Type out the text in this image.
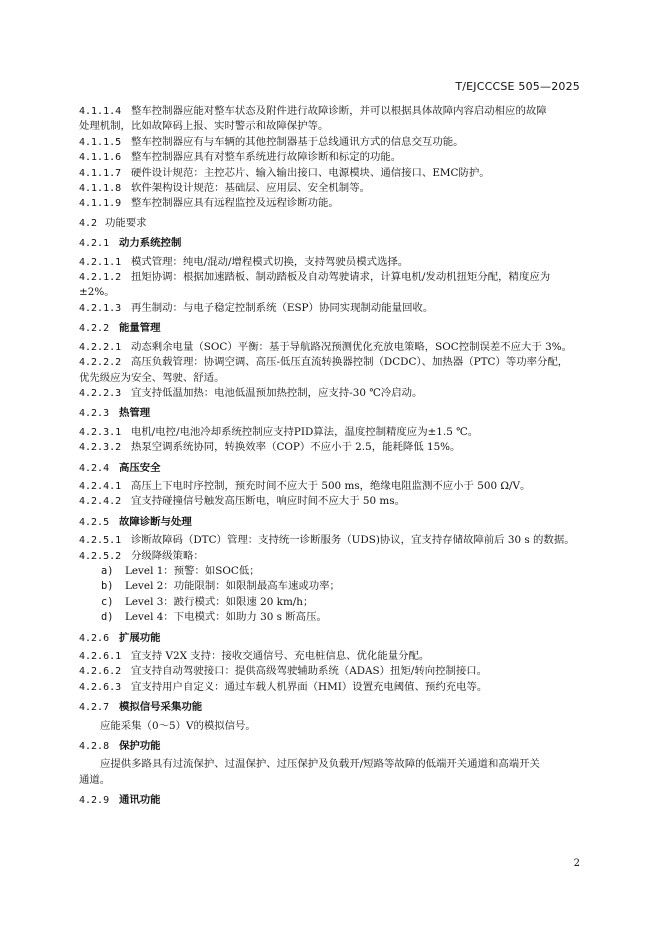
T/EJCCCSE 505—2025
4.1.1.4 整车控制器应能对整车状态及附件进行故障诊断，并可以根据具体故障内容启动相应的故障
处理机制，比如故障码上报、实时警示和故障保护等。
4.1.1.5 整车控制器应有与车辆的其他控制器基于总线通讯方式的信息交互功能。
4.1.1.6 整车控制器应具有对整车系统进行故障诊断和标定的功能。
4.1.1.7 硬件设计规范：主控芯片、输入输出接口、电源模块、通信接口、EMC防护。
4.1.1.8 软件架构设计规范：基础层、应用层、安全机制等。
4.1.1.9 整车控制器应具有远程监控及远程诊断功能。
4.2 功能要求
4.2.1 动力系统控制
4.2.1.1 模式管理：纯电/混动/增程模式切换，支持驾驶员模式选择。
4.2.1.2 扭矩协调：根据加速踏板、制动踏板及自动驾驶请求，计算电机/发动机扭矩分配，精度应为
±2%。
4.2.1.3 再生制动：与电子稳定控制系统（ESP）协同实现制动能量回收。
4.2.2 能量管理
4.2.2.1 动态剩余电量（SOC）平衡：基于导航路况预测优化充放电策略，SOC控制误差不应大于 3%。
4.2.2.2 高压负载管理：协调空调、高压-低压直流转换器控制（DCDC）、加热器（PTC）等功率分配，
优先级应为安全、驾驶、舒适。
4.2.2.3 宜支持低温加热：电池低温预加热控制，应支持-30 ℃冷启动。
4.2.3 热管理
4.2.3.1 电机/电控/电池冷却系统控制应支持PID算法，温度控制精度应为±1.5 ℃。
4.2.3.2 热泵空调系统协同，转换效率（COP）不应小于 2.5，能耗降低 15%。
4.2.4 高压安全
4.2.4.1 高压上下电时序控制，预充时间不应大于 500 ms，绝缘电阻监测不应小于 500 Ω/V。
4.2.4.2 宜支持碰撞信号触发高压断电，响应时间不应大于 50 ms。
4.2.5 故障诊断与处理
4.2.5.1 诊断故障码（DTC）管理：支持统一诊断服务（UDS)协议，宜支持存储故障前后 30 s 的数据。
4.2.5.2 分级降级策略：
a) Level 1：预警：如SOC低；
b) Level 2：功能限制：如限制最高车速或功率；
c) Level 3：跛行模式：如限速 20 km/h；
d) Level 4：下电模式：如助力 30 s 断高压。
4.2.6 扩展功能
4.2.6.1 宜支持 V2X 支持：接收交通信号、充电桩信息、优化能量分配。
4.2.6.2 宜支持自动驾驶接口：提供高级驾驶辅助系统（ADAS）扭矩/转向控制接口。
4.2.6.3 宜支持用户自定义：通过车载人机界面（HMI）设置充电阈值、预约充电等。
4.2.7 模拟信号采集功能
应能采集（0～5）V的模拟信号。
4.2.8 保护功能
应提供多路具有过流保护、过温保护、过压保护及负载开/短路等故障的低端开关通道和高端开关
通道。
4.2.9 通讯功能
2
